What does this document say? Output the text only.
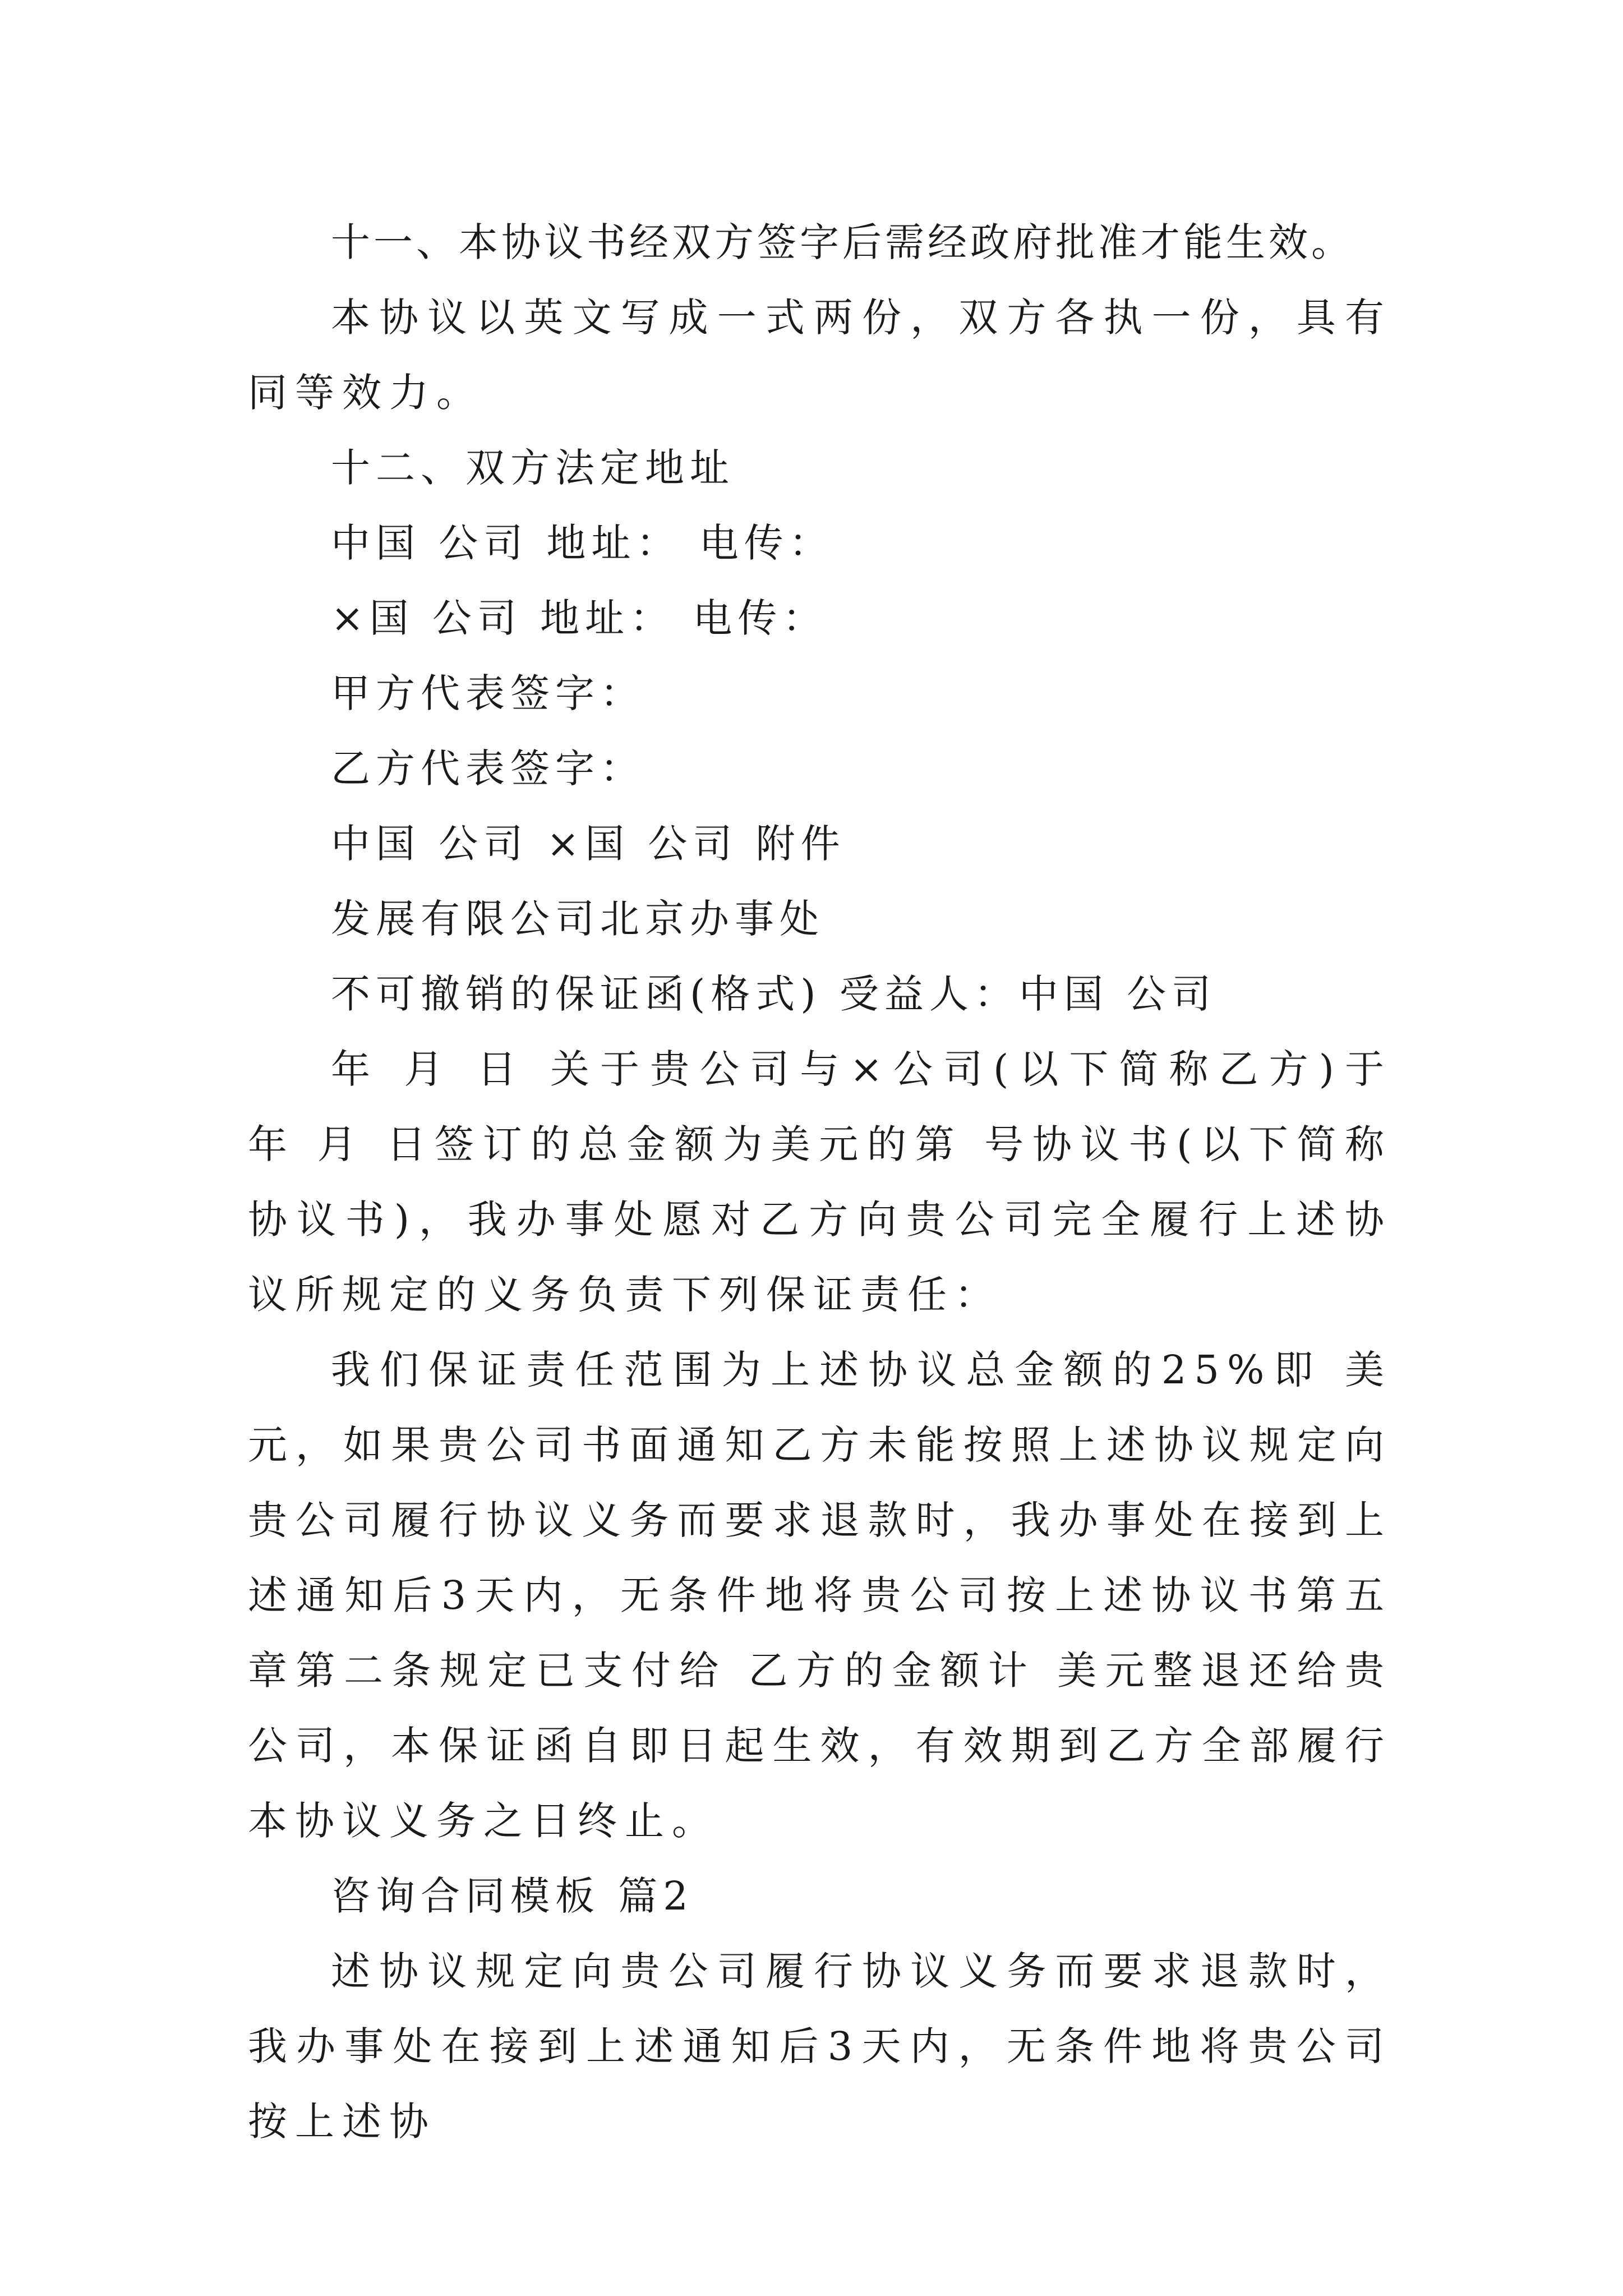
十一、本协议书经双方签字后需经政府批准才能生效。

本协议以英文写成一式两份，双方各执一份，具有同等效力。

十二、双方法定地址

中国 公司 地址： 电传：

×国 公司 地址： 电传：

甲方代表签字：

乙方代表签字：

中国 公司 ×国 公司 附件

发展有限公司北京办事处

不可撤销的保证函(格式) 受益人：中国 公司

年 月 日 关于贵公司与×公司(以下简称乙方)于 年 月 日签订的总金额为美元的第 号协议书(以下简称协议书)，我办事处愿对乙方向贵公司完全履行上述协议所规定的义务负责下列保证责任：

我们保证责任范围为上述协议总金额的25%即 美元，如果贵公司书面通知乙方未能按照上述协议规定向贵公司履行协议义务而要求退款时，我办事处在接到上述通知后3天内，无条件地将贵公司按上述协议书第五章第二条规定已支付给 乙方的金额计 美元整退还给贵公司，本保证函自即日起生效，有效期到乙方全部履行本协议义务之日终止。

咨询合同模板 篇2

述协议规定向贵公司履行协议义务而要求退款时，我办事处在接到上述通知后3天内，无条件地将贵公司按上述协
